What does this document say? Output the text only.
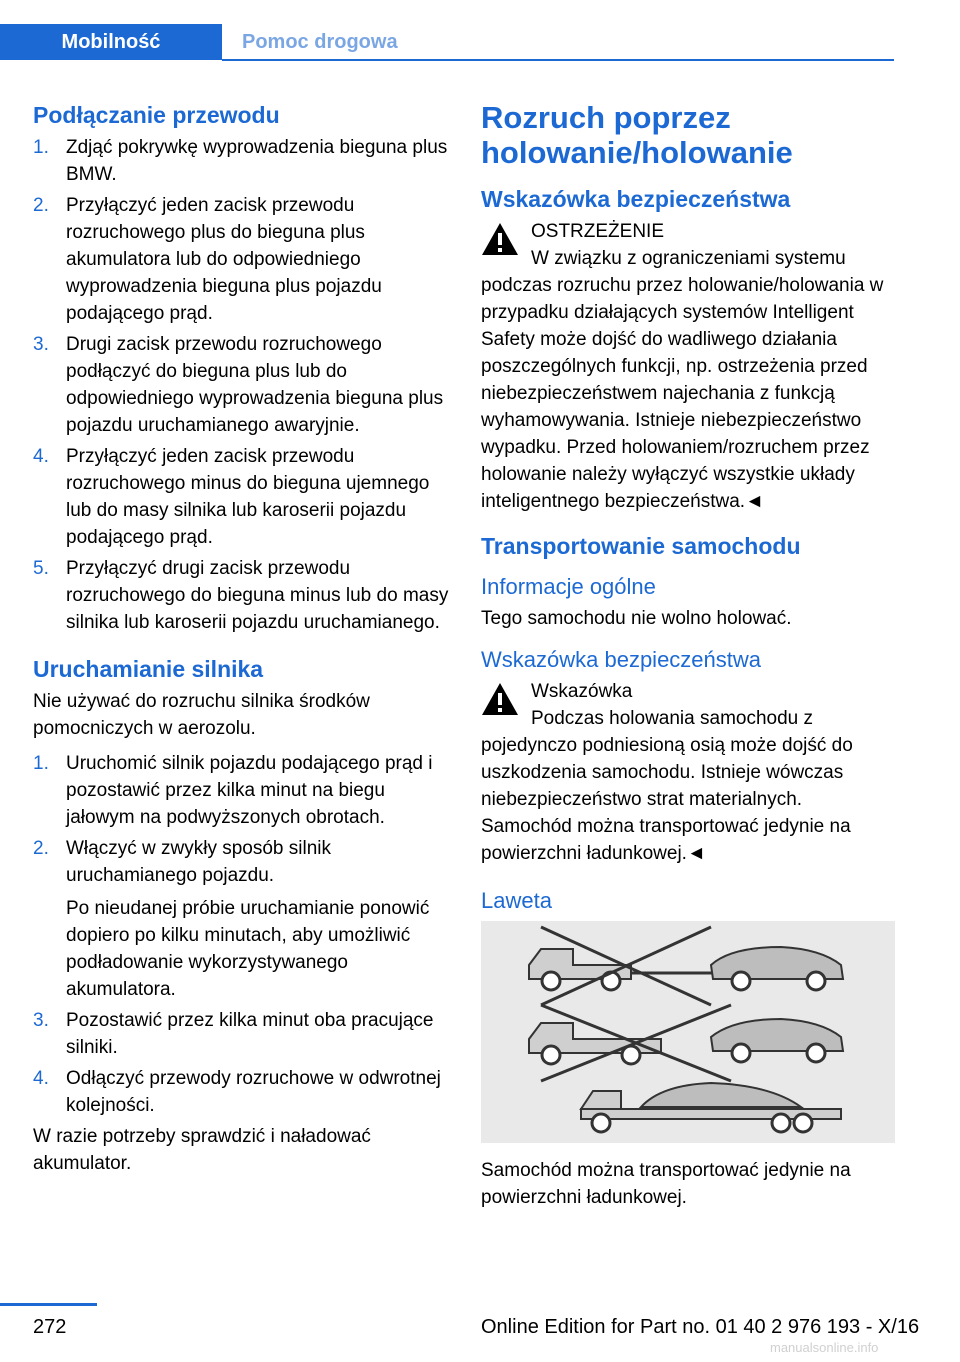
Mobilność	Pomoc drogowa
Podłączanie przewodu
1. Zdjąć pokrywkę wyprowadzenia bieguna plus BMW.
2. Przyłączyć jeden zacisk przewodu rozruchowego plus do bieguna plus akumulatora lub do odpowiedniego wyprowadzenia bieguna plus pojazdu podającego prąd.
3. Drugi zacisk przewodu rozruchowego podłączyć do bieguna plus lub do odpowiedniego wyprowadzenia bieguna plus pojazdu uruchamianego awaryjnie.
4. Przyłączyć jeden zacisk przewodu rozruchowego minus do bieguna ujemnego lub do masy silnika lub karoserii pojazdu podającego prąd.
5. Przyłączyć drugi zacisk przewodu rozruchowego do bieguna minus lub do masy silnika lub karoserii pojazdu uruchamianego.
Uruchamianie silnika

Nie używać do rozruchu silnika środków pomocniczych w aerozolu.

1. Uruchomić silnik pojazdu podającego prąd i pozostawić przez kilka minut na biegu jałowym na podwyższonych obrotach.
2. Włączyć w zwykły sposób silnik uruchamianego pojazdu.
Po nieudanej próbie uruchamianie ponowić dopiero po kilku minutach, aby umożliwić podładowanie wykorzystywanego akumulatora.
3. Pozostawić przez kilka minut oba pracujące silniki.
4. Odłączyć przewody rozruchowe w odwrotnej kolejności.

W razie potrzeby sprawdzić i naładować akumulator.

Rozruch poprzez holowanie/holowanie
Wskazówka bezpieczeństwa
OSTRZEŻENIE
W związku z ograniczeniami systemu podczas rozruchu przez holowanie/holowania w przypadku działających systemów Intelligent Safety może dojść do wadliwego działania poszczególnych funkcji, np. ostrzeżenia przed niebezpieczeństwem najechania z funkcją wyhamowywania. Istnieje niebezpieczeństwo wypadku. Przed holowaniem/rozruchem przez holowanie należy wyłączyć wszystkie układy inteligentnego bezpieczeństwa.◄
Transportowanie samochodu
Informacje ogólne

Tego samochodu nie wolno holować.

Wskazówka bezpieczeństwa
Wskazówka
Podczas holowania samochodu z pojedynczo podniesioną osią może dojść do uszkodzenia samochodu. Istnieje wówczas niebezpieczeństwo strat materialnych. Samochód można transportować jedynie na powierzchni ładunkowej.◄
Laweta

Samochód można transportować jedynie na powierzchni ładunkowej.

272	Online Edition for Part no. 01 40 2 976 193 - X/16
manualsonline.info
